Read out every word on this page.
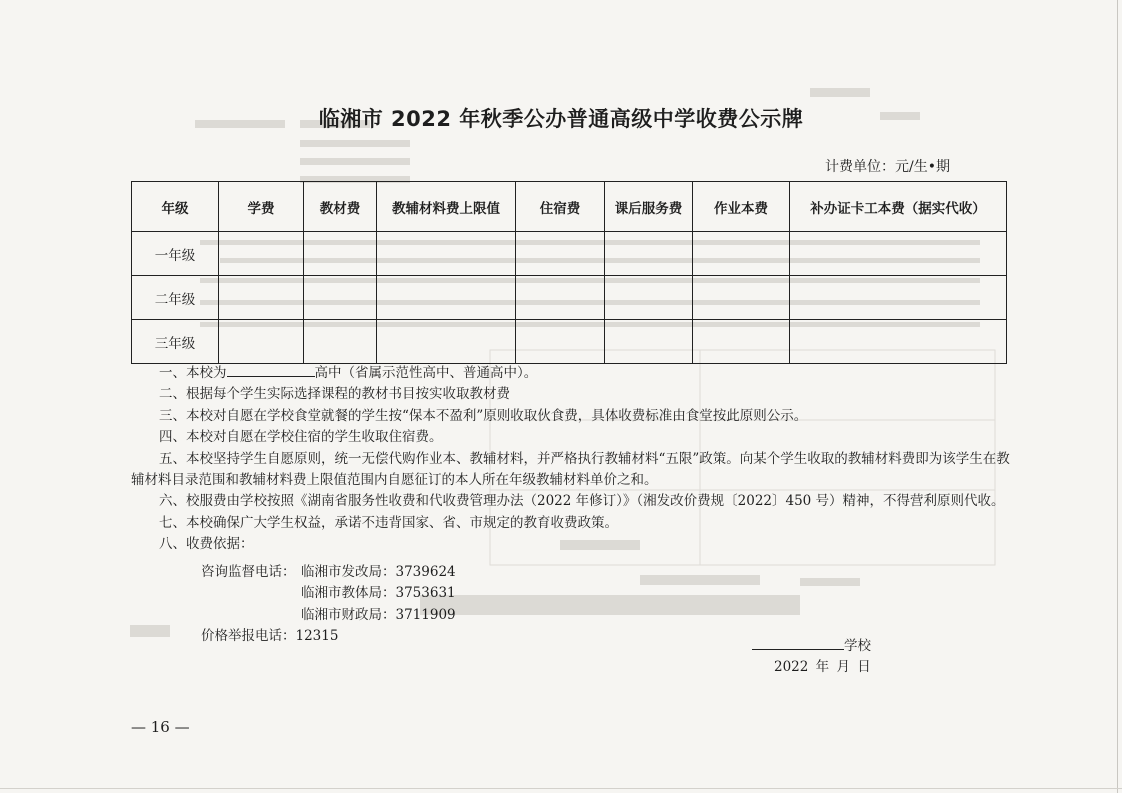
临湘市 2022 年秋季公办普通高级中学收费公示牌
计费单位：元/生•期
年级	学费	教材费	教辅材料费上限值	住宿费	课后服务费	作业本费	补办证卡工本费（据实代收）
一年级							
二年级							
三年级							

一、本校为	高中（省属示范性高中、普通高中）。

二、根据每个学生实际选择课程的教材书目按实收取教材费

三、本校对自愿在学校食堂就餐的学生按“保本不盈利”原则收取伙食费，具体收费标准由食堂按此原则公示。

四、本校对自愿在学校住宿的学生收取住宿费。

五、本校坚持学生自愿原则，统一无偿代购作业本、教辅材料，并严格执行教辅材料“五限”政策。向某个学生收取的教辅材料费即为该学生在教辅材料目录范围和教辅材料费上限值范围内自愿征订的本人所在年级教辅材料单价之和。

六、校服费由学校按照《湖南省服务性收费和代收费管理办法（2022 年修订）》（湘发改价费规〔2022〕450 号）精神，不得营利原则代收。

七、本校确保广大学生权益，承诺不违背国家、省、市规定的教育收费政策。

八、收费依据：

咨询监督电话： 临湘市发改局：3739624
临湘市教体局：3753631
临湘市财政局：3711909
价格举报电话：12315
学校
2022 年 月 日
— 16 —
